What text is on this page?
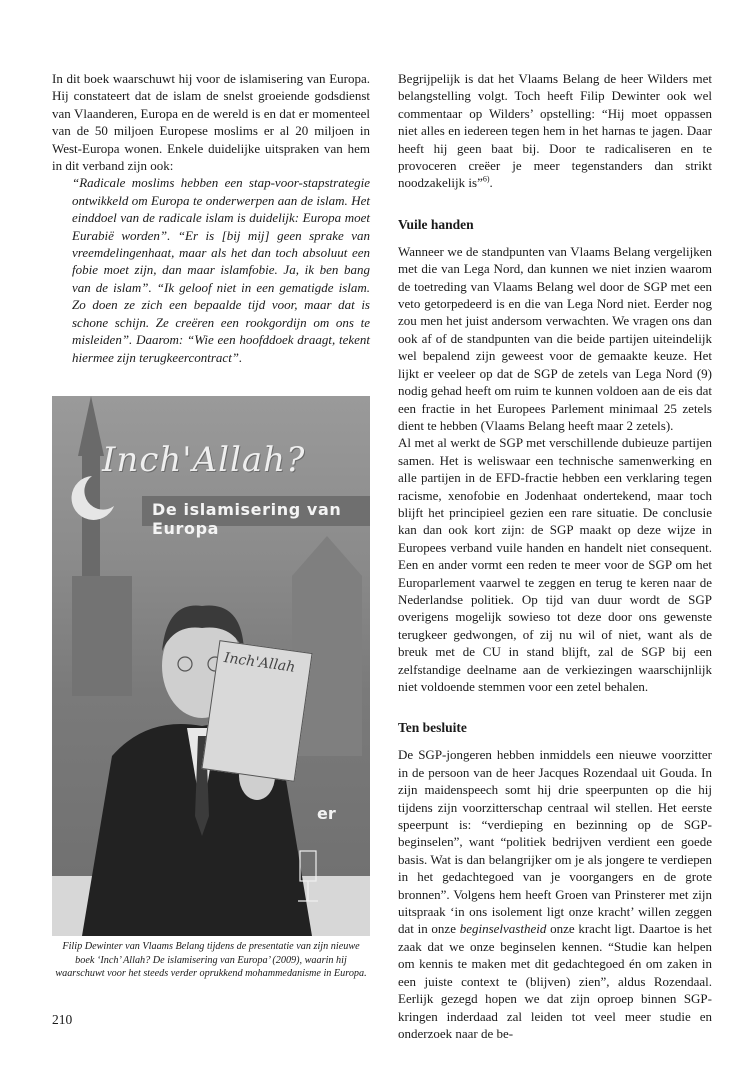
In dit boek waarschuwt hij voor de islamisering van Europa. Hij constateert dat de islam de snelst groeiende godsdienst van Vlaanderen, Europa en de wereld is en dat er momenteel van de 50 miljoen Europese moslims er al 20 miljoen in West-Europa wonen. Enkele duidelijke uitspraken van hem in dit verband zijn ook:

“Radicale moslims hebben een stap-voor-stapstrategie ontwikkeld om Europa te onderwerpen aan de islam. Het einddoel van de radicale islam is duidelijk: Europa moet Eurabië worden”. “Er is [bij mij] geen sprake van vreemdelingenhaat, maar als het dan toch absoluut een fobie moet zijn, dan maar islamfobie. Ja, ik ben bang van de islam”. “Ik geloof niet in een gematigde islam. Zo doen ze zich een bepaalde tijd voor, maar dat is schone schijn. Ze creëren een rookgordijn om ons te misleiden”. Daarom: “Wie een hoofddoek draagt, tekent hiermee zijn terugkeercontract”.

Inch'Allah?
De islamisering van Europa
er
Inch'Allah
Filip Dewinter van Vlaams Belang tijdens de presentatie van zijn nieuwe boek ‘Inch’ Allah? De islamisering van Europa’ (2009), waarin hij waarschuwt voor het steeds verder oprukkend mohammedanisme in Europa.
210

Begrijpelijk is dat het Vlaams Belang de heer Wilders met belangstelling volgt. Toch heeft Filip Dewinter ook wel commentaar op Wilders’ opstelling: “Hij moet oppassen niet alles en iedereen tegen hem in het harnas te jagen. Daar heeft hij geen baat bij. Door te radicaliseren en te provoceren creëer je meer tegenstanders dan strikt noodzakelijk is”$^{6)}$.

Vuile handen

Wanneer we de standpunten van Vlaams Belang vergelijken met die van Lega Nord, dan kunnen we niet inzien waarom de toetreding van Vlaams Belang wel door de SGP met een veto getorpedeerd is en die van Lega Nord niet. Eerder nog zou men het juist andersom verwachten. We vragen ons dan ook af of de standpunten van die beide partijen uiteindelijk wel bepalend zijn geweest voor de gemaakte keuze. Het lijkt er veeleer op dat de SGP de zetels van Lega Nord (9) nodig gehad heeft om ruim te kunnen voldoen aan de eis dat een fractie in het Europees Parlement minimaal 25 zetels dient te hebben (Vlaams Belang heeft maar 2 zetels).

Al met al werkt de SGP met verschillende dubieuze partijen samen. Het is weliswaar een technische samenwerking en alle partijen in de EFD-fractie hebben een verklaring tegen racisme, xenofobie en Jodenhaat ondertekend, maar toch blijft het principieel gezien een rare situatie. De conclusie kan dan ook kort zijn: de SGP maakt op deze wijze in Europees verband vuile handen en handelt niet consequent. Een en ander vormt een reden te meer voor de SGP om het Europarlement vaarwel te zeggen en terug te keren naar de Nederlandse politiek. Op tijd van duur wordt de SGP overigens mogelijk sowieso tot deze door ons gewenste terugkeer gedwongen, of zij nu wil of niet, want als de breuk met de CU in stand blijft, zal de SGP bij een zelfstandige deelname aan de verkiezingen waarschijnlijk niet voldoende stemmen voor een zetel behalen.

Ten besluite

De SGP-jongeren hebben inmiddels een nieuwe voorzitter in de persoon van de heer Jacques Rozendaal uit Gouda. In zijn maidenspeech somt hij drie speerpunten op die hij tijdens zijn voorzitterschap centraal wil stellen. Het eerste speerpunt is: “verdieping en bezinning op de SGP-beginselen”, want “politiek bedrijven verdient een goede basis. Wat is dan belangrijker om je als jongere te verdiepen in het gedachtegoed van je voorgangers en de grote bronnen”. Volgens hem heeft Groen van Prinsterer met zijn uitspraak ‘in ons isolement ligt onze kracht’ willen zeggen dat in onze beginselvastheid onze kracht ligt. Daartoe is het zaak dat we onze beginselen kennen. “Studie kan helpen om kennis te maken met dit gedachtegoed én om zaken in een juiste context te (blijven) zien”, aldus Rozendaal. Eerlijk gezegd hopen we dat zijn oproep binnen SGP-kringen inderdaad zal leiden tot veel meer studie en onderzoek naar de be-
